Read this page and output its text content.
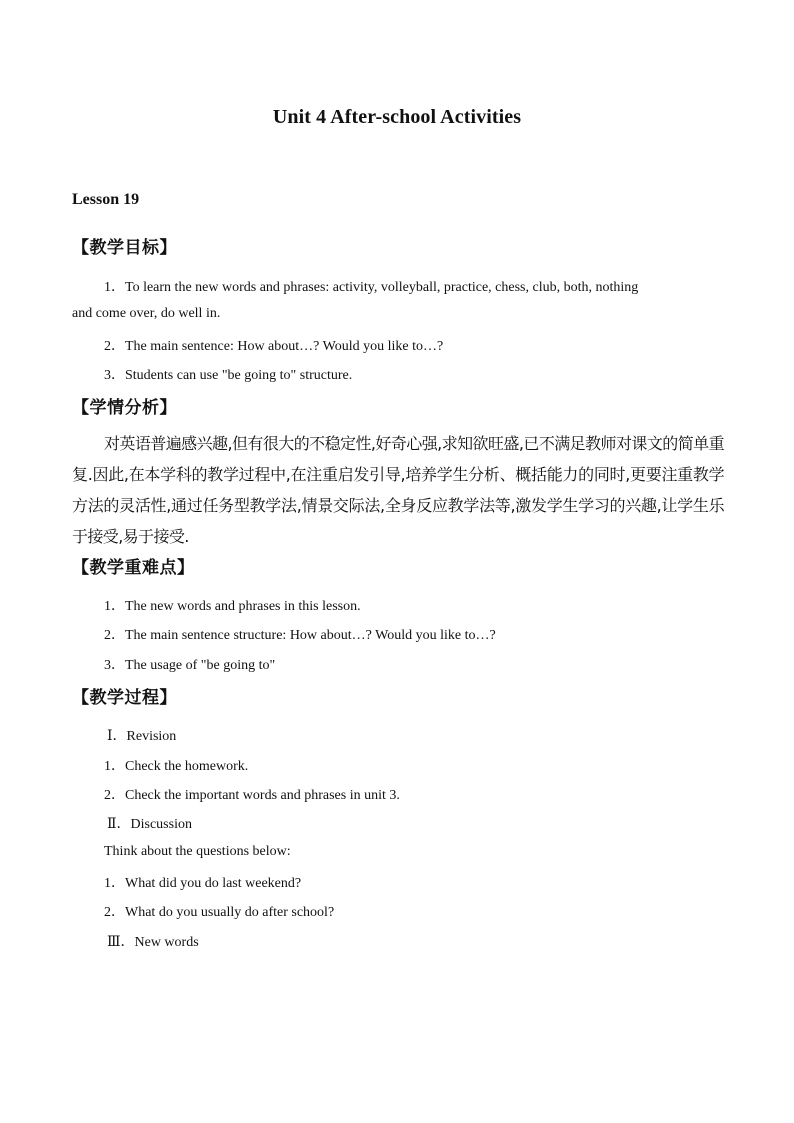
Unit 4 After-school Activities
Lesson 19
【教学目标】
1．To learn the new words and phrases: activity, volleyball, practice, chess, club, both, nothing
and come over, do well in.
2．The main sentence: How about…? Would you like to…?
3．Students can use "be going to" structure.
【学情分析】
对英语普遍感兴趣,但有很大的不稳定性,好奇心强,求知欲旺盛,已不满足教师对课文的简单重复.因此,在本学科的教学过程中,在注重启发引导,培养学生分析、概括能力的同时,更要注重教学方法的灵活性,通过任务型教学法,情景交际法,全身反应教学法等,激发学生学习的兴趣,让学生乐于接受,易于接受.
【教学重难点】
1．The new words and phrases in this lesson.
2．The main sentence structure: How about…? Would you like to…?
3．The usage of "be going to"
【教学过程】
Ⅰ．Revision
1．Check the homework.
2．Check the important words and phrases in unit 3.
Ⅱ．Discussion
Think about the questions below:
1．What did you do last weekend?
2．What do you usually do after school?
Ⅲ．New words
